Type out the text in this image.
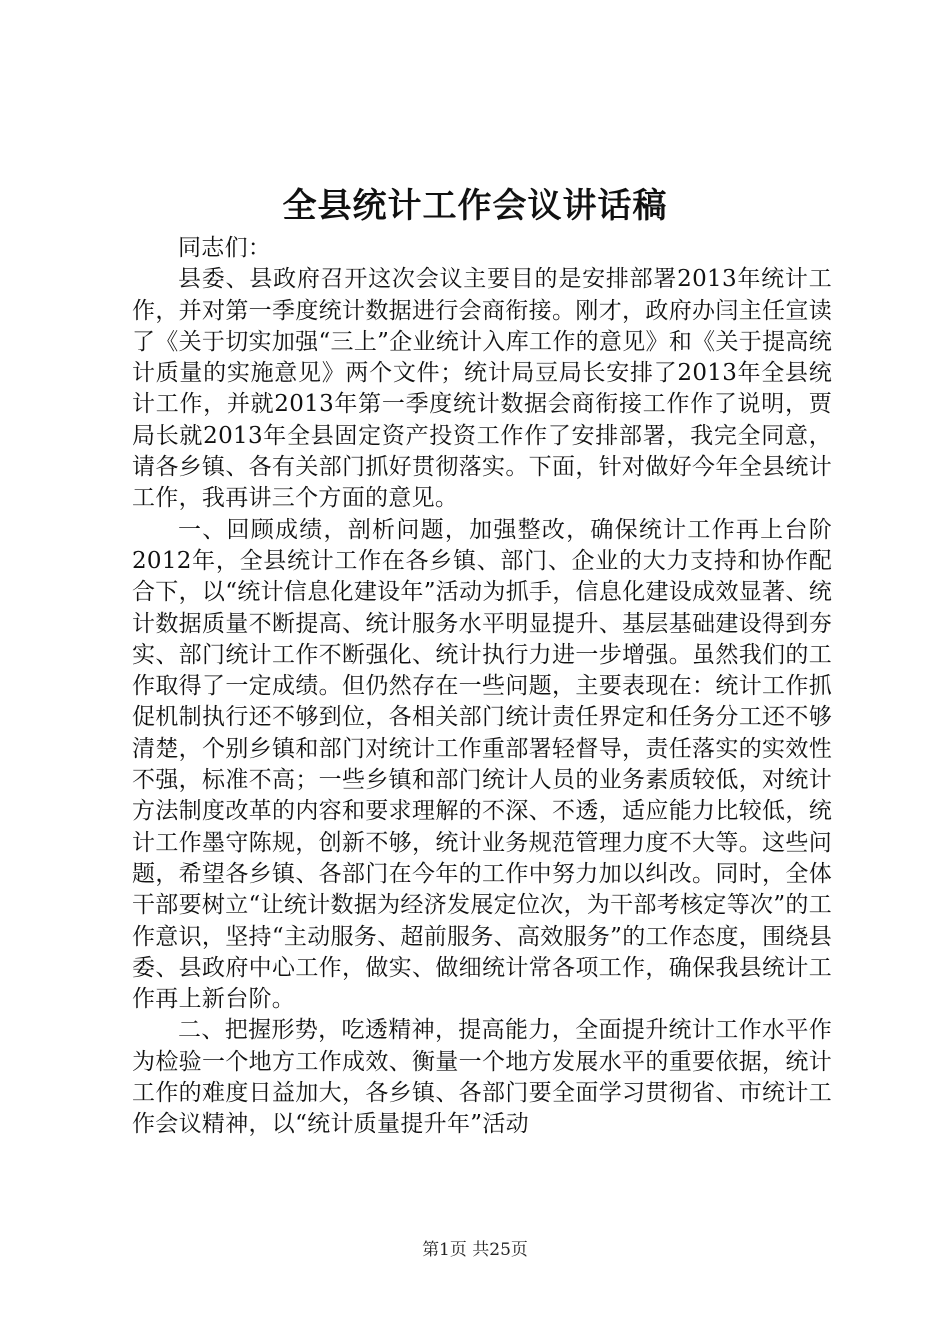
全县统计工作会议讲话稿

同志们：

县委、县政府召开这次会议主要目的是安排部署2013年统计工作，并对第一季度统计数据进行会商衔接。刚才，政府办闫主任宣读了《关于切实加强“三上”企业统计入库工作的意见》和《关于提高统计质量的实施意见》两个文件；统计局豆局长安排了2013年全县统计工作，并就2013年第一季度统计数据会商衔接工作作了说明，贾局长就2013年全县固定资产投资工作作了安排部署，我完全同意，请各乡镇、各有关部门抓好贯彻落实。下面，针对做好今年全县统计工作，我再讲三个方面的意见。

一、回顾成绩，剖析问题，加强整改，确保统计工作再上台阶2012年，全县统计工作在各乡镇、部门、企业的大力支持和协作配合下，以“统计信息化建设年”活动为抓手，信息化建设成效显著、统计数据质量不断提高、统计服务水平明显提升、基层基础建设得到夯实、部门统计工作不断强化、统计执行力进一步增强。虽然我们的工作取得了一定成绩。但仍然存在一些问题，主要表现在：统计工作抓促机制执行还不够到位，各相关部门统计责任界定和任务分工还不够清楚，个别乡镇和部门对统计工作重部署轻督导，责任落实的实效性不强，标准不高；一些乡镇和部门统计人员的业务素质较低，对统计方法制度改革的内容和要求理解的不深、不透，适应能力比较低，统计工作墨守陈规，创新不够，统计业务规范管理力度不大等。这些问题，希望各乡镇、各部门在今年的工作中努力加以纠改。同时，全体干部要树立“让统计数据为经济发展定位次，为干部考核定等次”的工作意识，坚持“主动服务、超前服务、高效服务”的工作态度，围绕县委、县政府中心工作，做实、做细统计常各项工作，确保我县统计工作再上新台阶。

二、把握形势，吃透精神，提高能力，全面提升统计工作水平作为检验一个地方工作成效、衡量一个地方发展水平的重要依据，统计工作的难度日益加大，各乡镇、各部门要全面学习贯彻省、市统计工作会议精神，以“统计质量提升年”活动

第1页 共25页
